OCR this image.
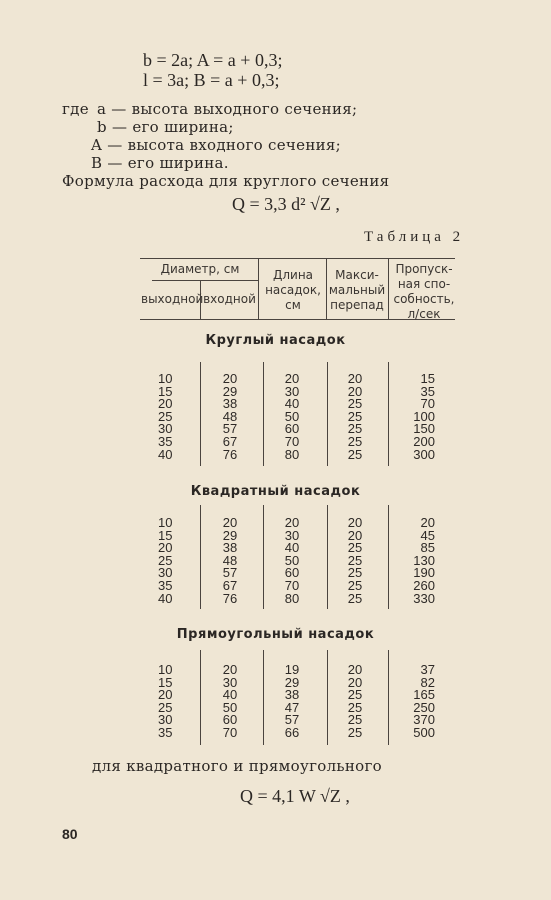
b = 2a; A = a + 0,3;
l = 3a; B = a + 0,3;
где a — высота выходного сечения;
b — его ширина;
A — высота входного сечения;
B — его ширина.
Формула расхода для круглого сечения
Q = 3,3 d² √Z ,
Таблица 2
Диаметр, см
выходной входной
Длина насадок, см
Макси-мальный перепад
Пропуск-ная спо-собность, л/сек
Круглый насадок
10	20	20	20	15
15	29	30	20	35
20	38	40	25	70
25	48	50	25	100
30	57	60	25	150
35	67	70	25	200
40	76	80	25	300
Квадратный насадок
10	20	20	20	20
15	29	30	20	45
20	38	40	25	85
25	48	50	25	130
30	57	60	25	190
35	67	70	25	260
40	76	80	25	330
Прямоугольный насадок
10	20	19	20	37
15	30	29	20	82
20	40	38	25	165
25	50	47	25	250
30	60	57	25	370
35	70	66	25	500
для квадратного и прямоугольного
Q = 4,1 W √Z ,
80
